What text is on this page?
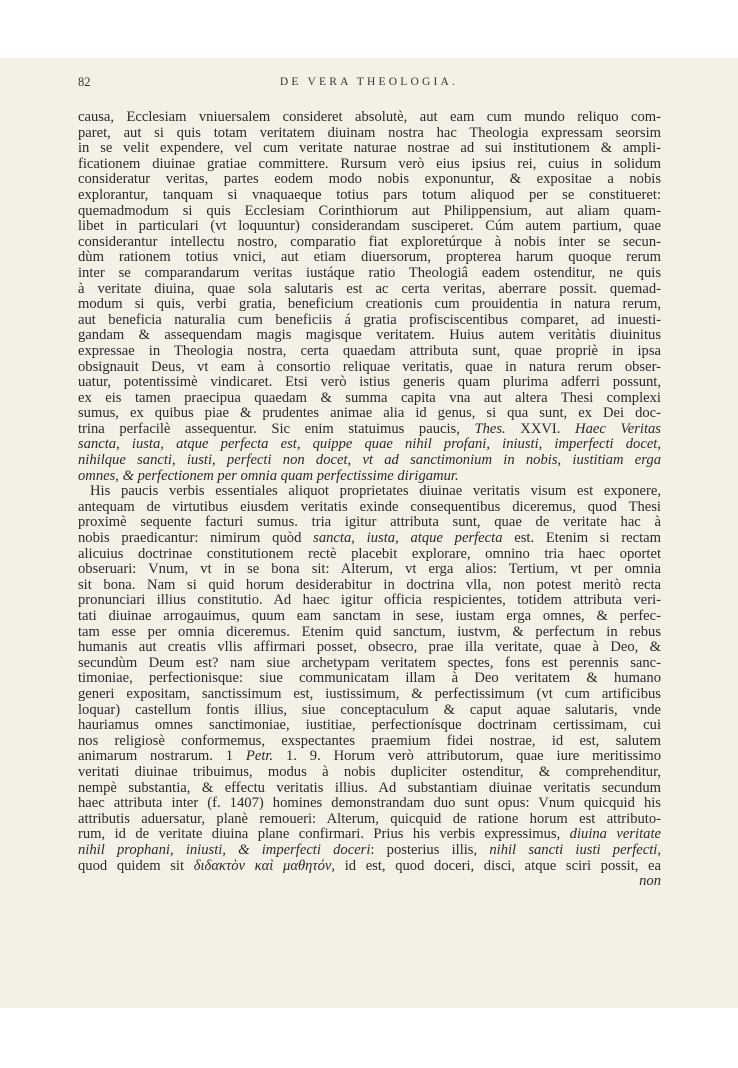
82	DE VERA THEOLOGIA.
causa, Ecclesiam vniuersalem consideret absolutè, aut eam cum mundo reliquo com-
paret, aut si quis totam veritatem diuinam nostra hac Theologia expressam seorsim
in se velit expendere, vel cum veritate naturae nostrae ad sui institutionem & ampli-
ficationem diuinae gratiae committere. Rursum verò eius ipsius rei, cuius in solidum
consideratur veritas, partes eodem modo nobis exponuntur, & expositae a nobis
explorantur, tanquam si vnaquaeque totius pars totum aliquod per se constitueret:
quemadmodum si quis Ecclesiam Corinthiorum aut Philippensium, aut aliam quam-
libet in particulari (vt loquuntur) considerandam susciperet. Cúm autem partium, quae
considerantur intellectu nostro, comparatio fiat exploretúrque à nobis inter se secun-
dùm rationem totius vnici, aut etiam diuersorum, propterea harum quoque rerum
inter se comparandarum veritas iustáque ratio Theologiâ eadem ostenditur, ne quis
à veritate diuina, quae sola salutaris est ac certa veritas, aberrare possit. quemad-
modum si quis, verbi gratia, beneficium creationis cum prouidentia in natura rerum,
aut beneficia naturalia cum beneficiis á gratia profisciscentibus comparet, ad inuesti-
gandam & assequendam magis magisque veritatem. Huius autem veritàtis diuinitus
expressae in Theologia nostra, certa quaedam attributa sunt, quae propriè in ipsa
obsignauit Deus, vt eam à consortio reliquae veritatis, quae in natura rerum obser-
uatur, potentissimè vindicaret. Etsi verò istius generis quam plurima adferri possunt,
ex eis tamen praecipua quaedam & summa capita vna aut altera Thesi complexi
sumus, ex quibus piae & prudentes animae alia id genus, si qua sunt, ex Dei doc-
trina perfacilè assequentur. Sic enim statuimus paucis, Thes. XXVI. Haec Veritas
sancta, iusta, atque perfecta est, quippe quae nihil profani, iniusti, imperfecti docet,
nihilque sancti, iusti, perfecti non docet, vt ad sanctimonium in nobis, iustitiam erga
omnes, & perfectionem per omnia quam perfectissime dirigamur.
His paucis verbis essentiales aliquot proprietates diuinae veritatis visum est exponere,
antequam de virtutibus eiusdem veritatis exinde consequentibus diceremus, quod Thesi
proximè sequente facturi sumus. tria igitur attributa sunt, quae de veritate hac à
nobis praedicantur: nimirum quòd sancta, iusta, atque perfecta est. Etenim si rectam
alicuius doctrinae constitutionem rectè placebit explorare, omnino tria haec oportet
obseruari: Vnum, vt in se bona sit: Alterum, vt erga alios: Tertium, vt per omnia
sit bona. Nam si quid horum desiderabitur in doctrina vlla, non potest meritò recta
pronunciari illius constitutio. Ad haec igitur officia respicientes, totidem attributa veri-
tati diuinae arrogauimus, quum eam sanctam in sese, iustam erga omnes, & perfec-
tam esse per omnia diceremus. Etenim quid sanctum, iustvm, & perfectum in rebus
humanis aut creatis vllis affirmari posset, obsecro, prae illa veritate, quae à Deo, &
secundùm Deum est? nam siue archetypam veritatem spectes, fons est perennis sanc-
timoniae, perfectionisque: siue communicatam illam à Deo veritatem & humano
generi expositam, sanctissimum est, iustissimum, & perfectissimum (vt cum artificibus
loquar) castellum fontis illius, siue conceptaculum & caput aquae salutaris, vnde
hauriamus omnes sanctimoniae, iustitiae, perfectionísque doctrinam certissimam, cui
nos religiosè conformemus, exspectantes praemium fidei nostrae, id est, salutem
animarum nostrarum. 1 Petr. 1. 9. Horum verò attributorum, quae iure meritissimo
veritati diuinae tribuimus, modus à nobis dupliciter ostenditur, & comprehenditur,
nempè substantia, & effectu veritatis illius. Ad substantiam diuinae veritatis secundum
haec attributa inter (f. 1407) homines demonstrandam duo sunt opus: Vnum quicquid his
attributis aduersatur, planè remoueri: Alterum, quicquid de ratione horum est attributo-
rum, id de veritate diuina plane confirmari. Prius his verbis expressimus, diuina veritate
nihil prophani, iniusti, & imperfecti doceri: posterius illis, nihil sancti iusti perfecti,
quod quidem sit διδακτὸν καὶ μαθητόν, id est, quod doceri, disci, atque sciri possit, ea
non
